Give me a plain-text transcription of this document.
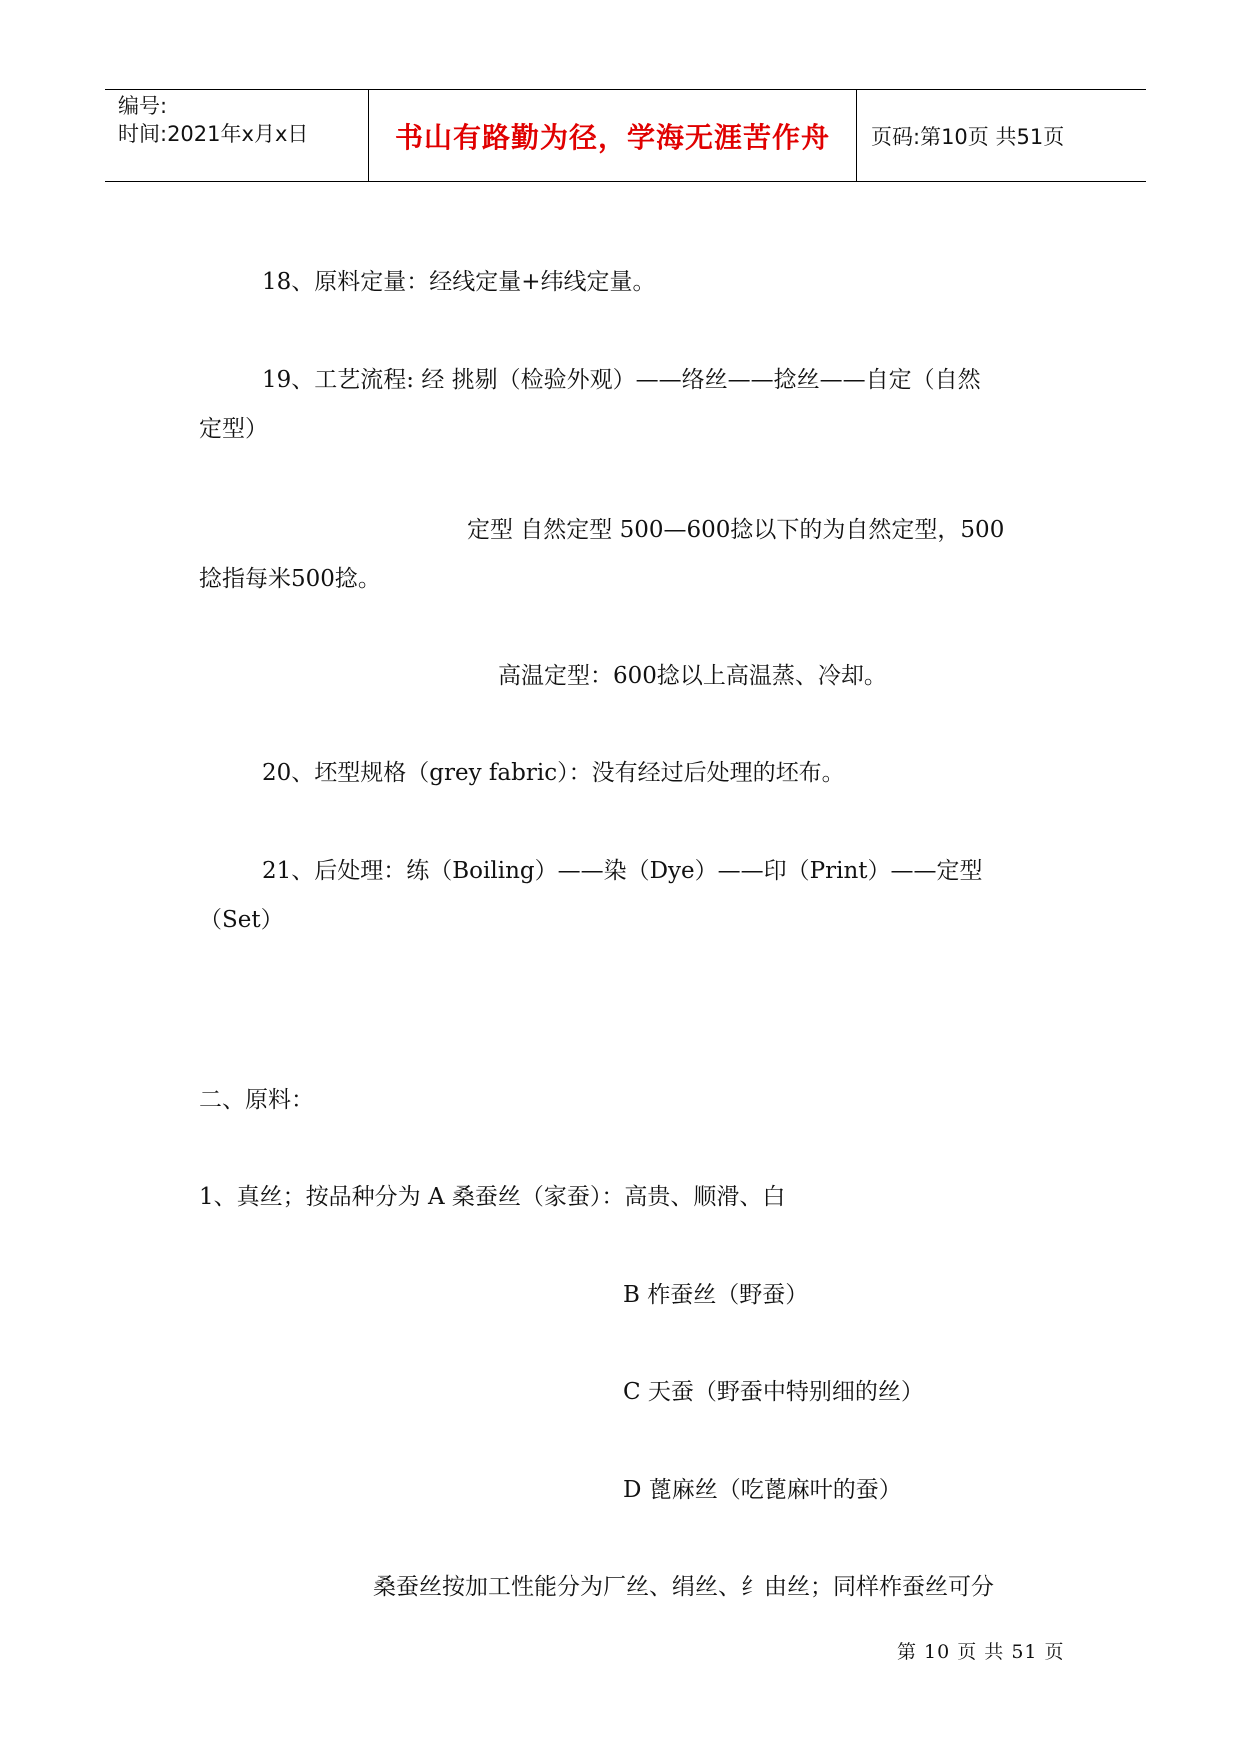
编号:
时间:2021年x月x日	书山有路勤为径，学海无涯苦作舟	页码:第10页 共51页
18、原料定量：经线定量+纬线定量。
19、工艺流程: 经 挑剔（检验外观）——络丝——捻丝——自定（自然
定型）
定型 自然定型 500—600捻以下的为自然定型，500
捻指每米500捻。
高温定型：600捻以上高温蒸、冷却。
20、坯型规格（grey fabric）：没有经过后处理的坯布。
21、后处理：练（Boiling）——染（Dye）——印（Print）——定型
（Set）
二、原料：
1、真丝；按品种分为 A 桑蚕丝（家蚕）：高贵、顺滑、白
B 柞蚕丝（野蚕）
C 天蚕（野蚕中特别细的丝）
D 蓖麻丝（吃蓖麻叶的蚕）
桑蚕丝按加工性能分为厂丝、绢丝、纟由丝；同样柞蚕丝可分
第 10 页 共 51 页
